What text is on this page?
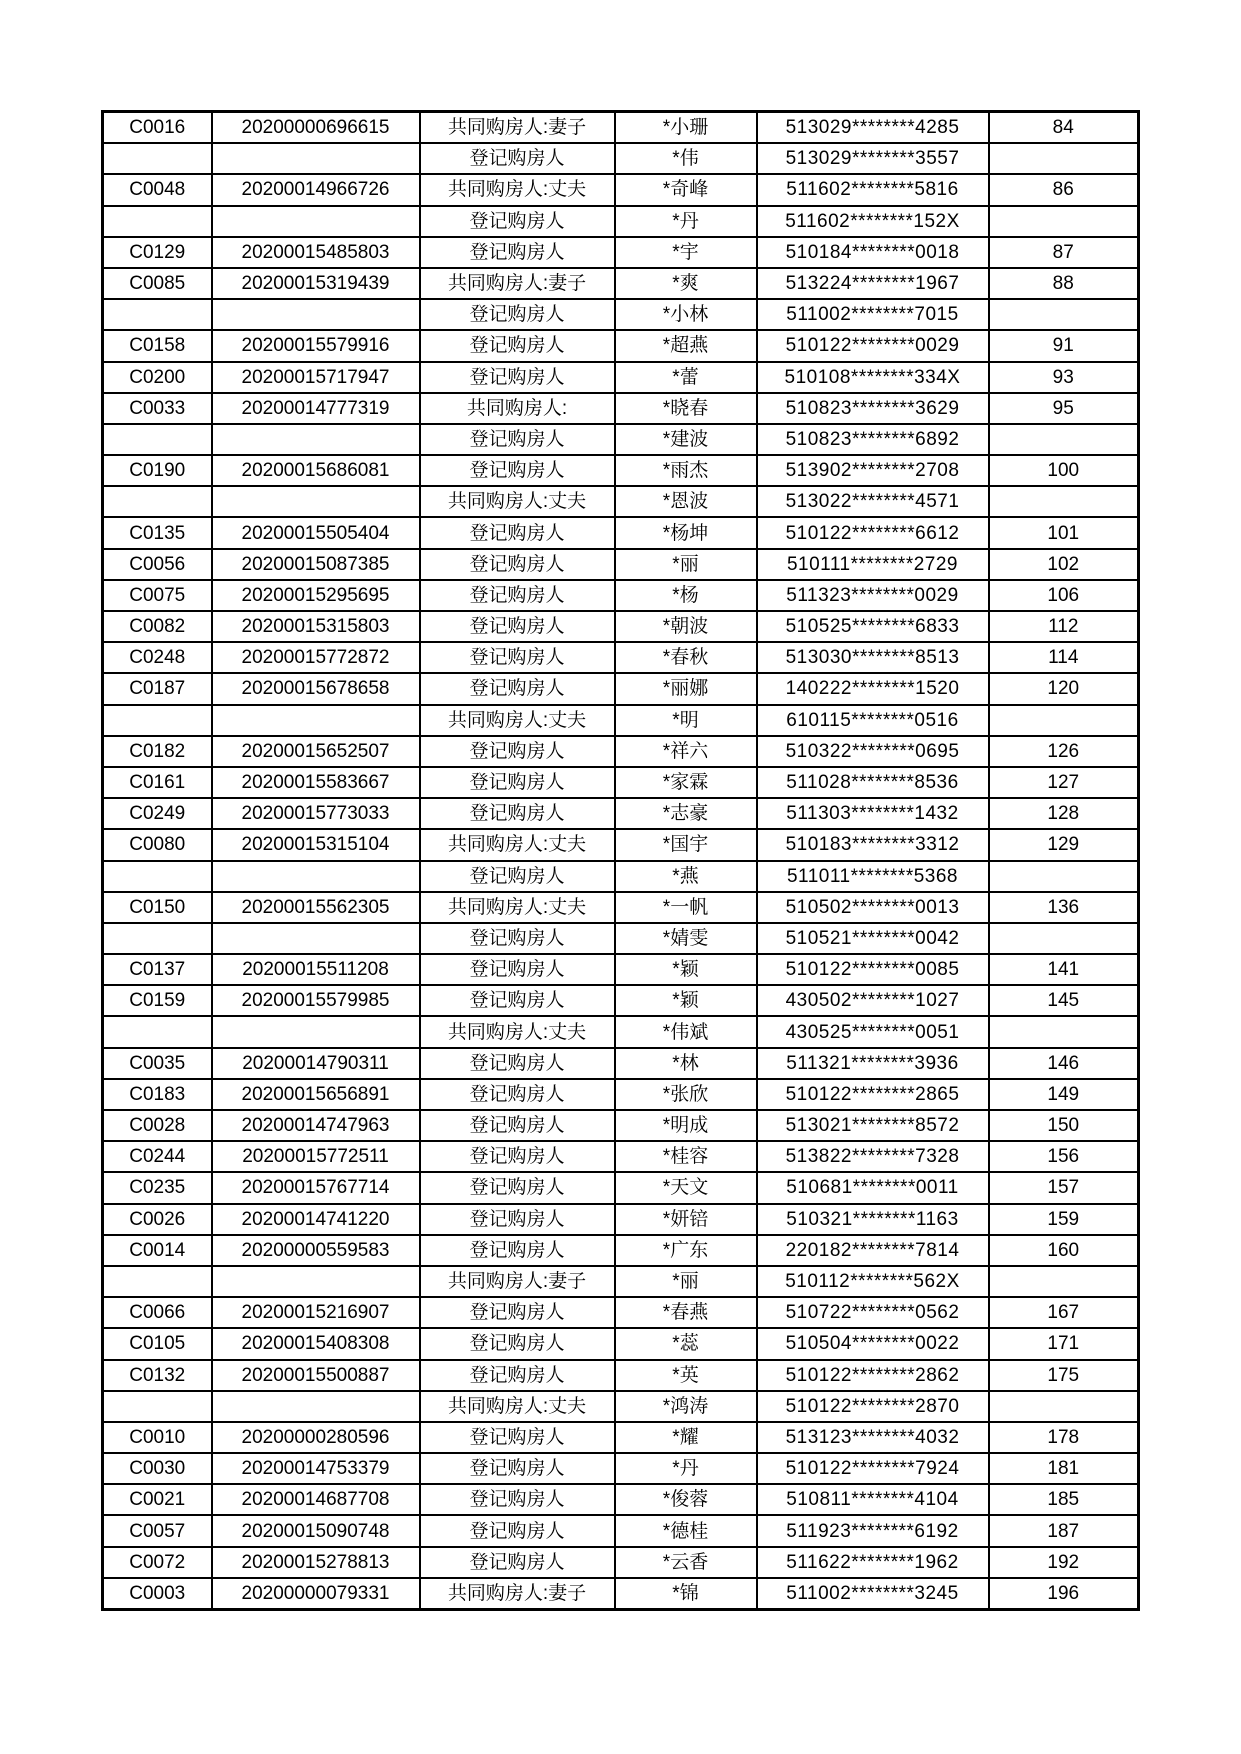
C0016	20200000696615	共同购房人:妻子	*小珊	513029********4285	84
		登记购房人	*伟	513029********3557	
C0048	20200014966726	共同购房人:丈夫	*奇峰	511602********5816	86
		登记购房人	*丹	511602********152X	
C0129	20200015485803	登记购房人	*宇	510184********0018	87
C0085	20200015319439	共同购房人:妻子	*爽	513224********1967	88
		登记购房人	*小林	511002********7015	
C0158	20200015579916	登记购房人	*超燕	510122********0029	91
C0200	20200015717947	登记购房人	*蕾	510108********334X	93
C0033	20200014777319	共同购房人:	*晓春	510823********3629	95
		登记购房人	*建波	510823********6892	
C0190	20200015686081	登记购房人	*雨杰	513902********2708	100
		共同购房人:丈夫	*恩波	513022********4571	
C0135	20200015505404	登记购房人	*杨坤	510122********6612	101
C0056	20200015087385	登记购房人	*丽	510111********2729	102
C0075	20200015295695	登记购房人	*杨	511323********0029	106
C0082	20200015315803	登记购房人	*朝波	510525********6833	112
C0248	20200015772872	登记购房人	*春秋	513030********8513	114
C0187	20200015678658	登记购房人	*丽娜	140222********1520	120
		共同购房人:丈夫	*明	610115********0516	
C0182	20200015652507	登记购房人	*祥六	510322********0695	126
C0161	20200015583667	登记购房人	*家霖	511028********8536	127
C0249	20200015773033	登记购房人	*志豪	511303********1432	128
C0080	20200015315104	共同购房人:丈夫	*国宇	510183********3312	129
		登记购房人	*燕	511011********5368	
C0150	20200015562305	共同购房人:丈夫	*一帆	510502********0013	136
		登记购房人	*婧雯	510521********0042	
C0137	20200015511208	登记购房人	*颖	510122********0085	141
C0159	20200015579985	登记购房人	*颖	430502********1027	145
		共同购房人:丈夫	*伟斌	430525********0051	
C0035	20200014790311	登记购房人	*林	511321********3936	146
C0183	20200015656891	登记购房人	*张欣	510122********2865	149
C0028	20200014747963	登记购房人	*明成	513021********8572	150
C0244	20200015772511	登记购房人	*桂容	513822********7328	156
C0235	20200015767714	登记购房人	*天文	510681********0011	157
C0026	20200014741220	登记购房人	*妍锫	510321********1163	159
C0014	20200000559583	登记购房人	*广东	220182********7814	160
		共同购房人:妻子	*丽	510112********562X	
C0066	20200015216907	登记购房人	*春燕	510722********0562	167
C0105	20200015408308	登记购房人	*蕊	510504********0022	171
C0132	20200015500887	登记购房人	*英	510122********2862	175
		共同购房人:丈夫	*鸿涛	510122********2870	
C0010	20200000280596	登记购房人	*耀	513123********4032	178
C0030	20200014753379	登记购房人	*丹	510122********7924	181
C0021	20200014687708	登记购房人	*俊蓉	510811********4104	185
C0057	20200015090748	登记购房人	*德桂	511923********6192	187
C0072	20200015278813	登记购房人	*云香	511622********1962	192
C0003	20200000079331	共同购房人:妻子	*锦	511002********3245	196
